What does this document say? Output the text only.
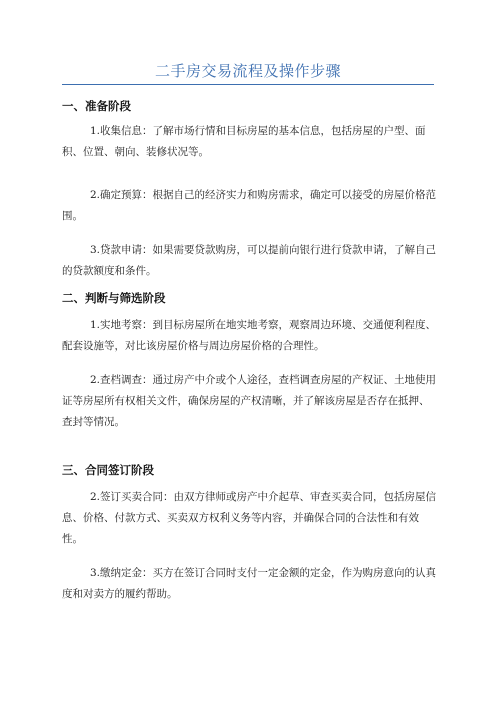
二手房交易流程及操作步骤
一、准备阶段

1.收集信息：了解市场行情和目标房屋的基本信息，包括房屋的户型、面积、位置、朝向、装修状况等。

2.确定预算：根据自己的经济实力和购房需求，确定可以接受的房屋价格范围。

3.贷款申请：如果需要贷款购房，可以提前向银行进行贷款申请，了解自己的贷款额度和条件。

二、判断与筛选阶段

1.实地考察：到目标房屋所在地实地考察，观察周边环境、交通便利程度、配套设施等，对比该房屋价格与周边房屋价格的合理性。

2.查档调查：通过房产中介或个人途径，查档调查房屋的产权证、土地使用证等房屋所有权相关文件，确保房屋的产权清晰，并了解该房屋是否存在抵押、查封等情况。

三、合同签订阶段

2.签订买卖合同：由双方律师或房产中介起草、审查买卖合同，包括房屋信息、价格、付款方式、买卖双方权利义务等内容，并确保合同的合法性和有效性。

3.缴纳定金：买方在签订合同时支付一定金额的定金，作为购房意向的认真度和对卖方的履约帮助。
